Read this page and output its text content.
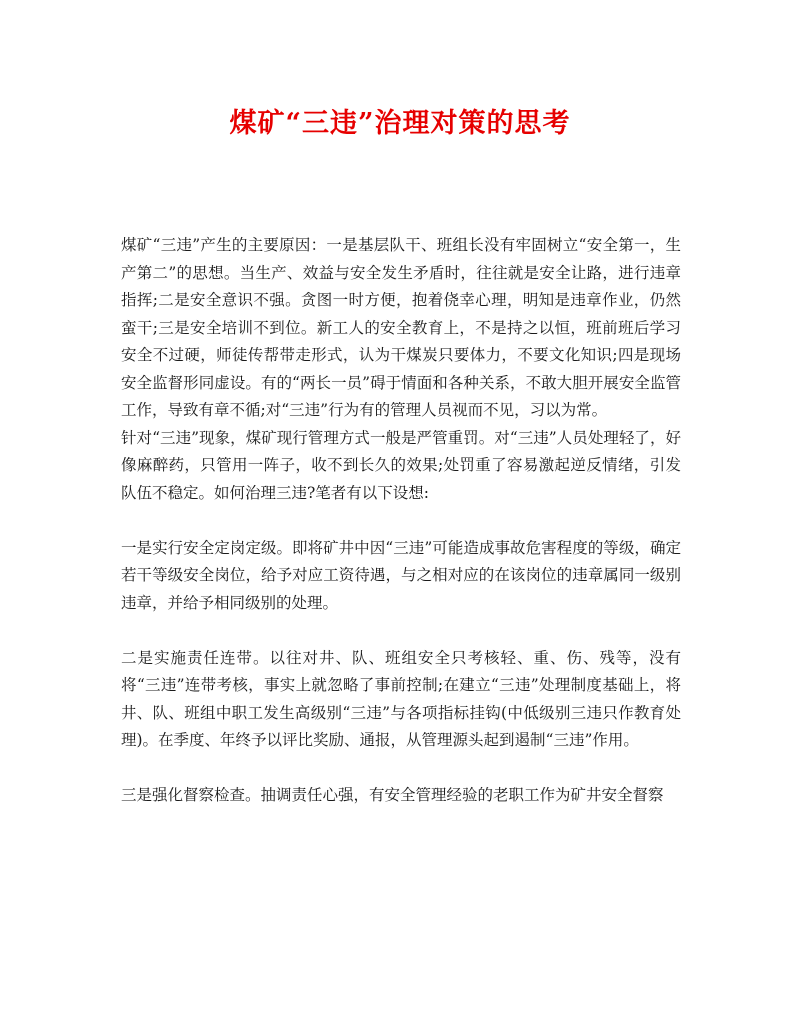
煤矿“三违”治理对策的思考

煤矿“三违”产生的主要原因：一是基层队干、班组长没有牢固树立“安全第一，生产第二”的思想。当生产、效益与安全发生矛盾时，往往就是安全让路，进行违章指挥;二是安全意识不强。贪图一时方便，抱着侥幸心理，明知是违章作业，仍然蛮干;三是安全培训不到位。新工人的安全教育上，不是持之以恒，班前班后学习安全不过硬，师徒传帮带走形式，认为干煤炭只要体力，不要文化知识;四是现场安全监督形同虚设。有的“两长一员”碍于情面和各种关系，不敢大胆开展安全监管工作，导致有章不循;对“三违”行为有的管理人员视而不见，习以为常。

针对“三违”现象，煤矿现行管理方式一般是严管重罚。对“三违”人员处理轻了，好像麻醉药，只管用一阵子，收不到长久的效果;处罚重了容易激起逆反情绪，引发队伍不稳定。如何治理三违?笔者有以下设想:

一是实行安全定岗定级。即将矿井中因“三违”可能造成事故危害程度的等级，确定若干等级安全岗位，给予对应工资待遇，与之相对应的在该岗位的违章属同一级别违章，并给予相同级别的处理。

二是实施责任连带。以往对井、队、班组安全只考核轻、重、伤、残等，没有将“三违”连带考核，事实上就忽略了事前控制;在建立“三违”处理制度基础上，将井、队、班组中职工发生高级别“三违”与各项指标挂钩(中低级别三违只作教育处理)。在季度、年终予以评比奖励、通报，从管理源头起到遏制“三违”作用。

三是强化督察检查。抽调责任心强，有安全管理经验的老职工作为矿井安全督察
